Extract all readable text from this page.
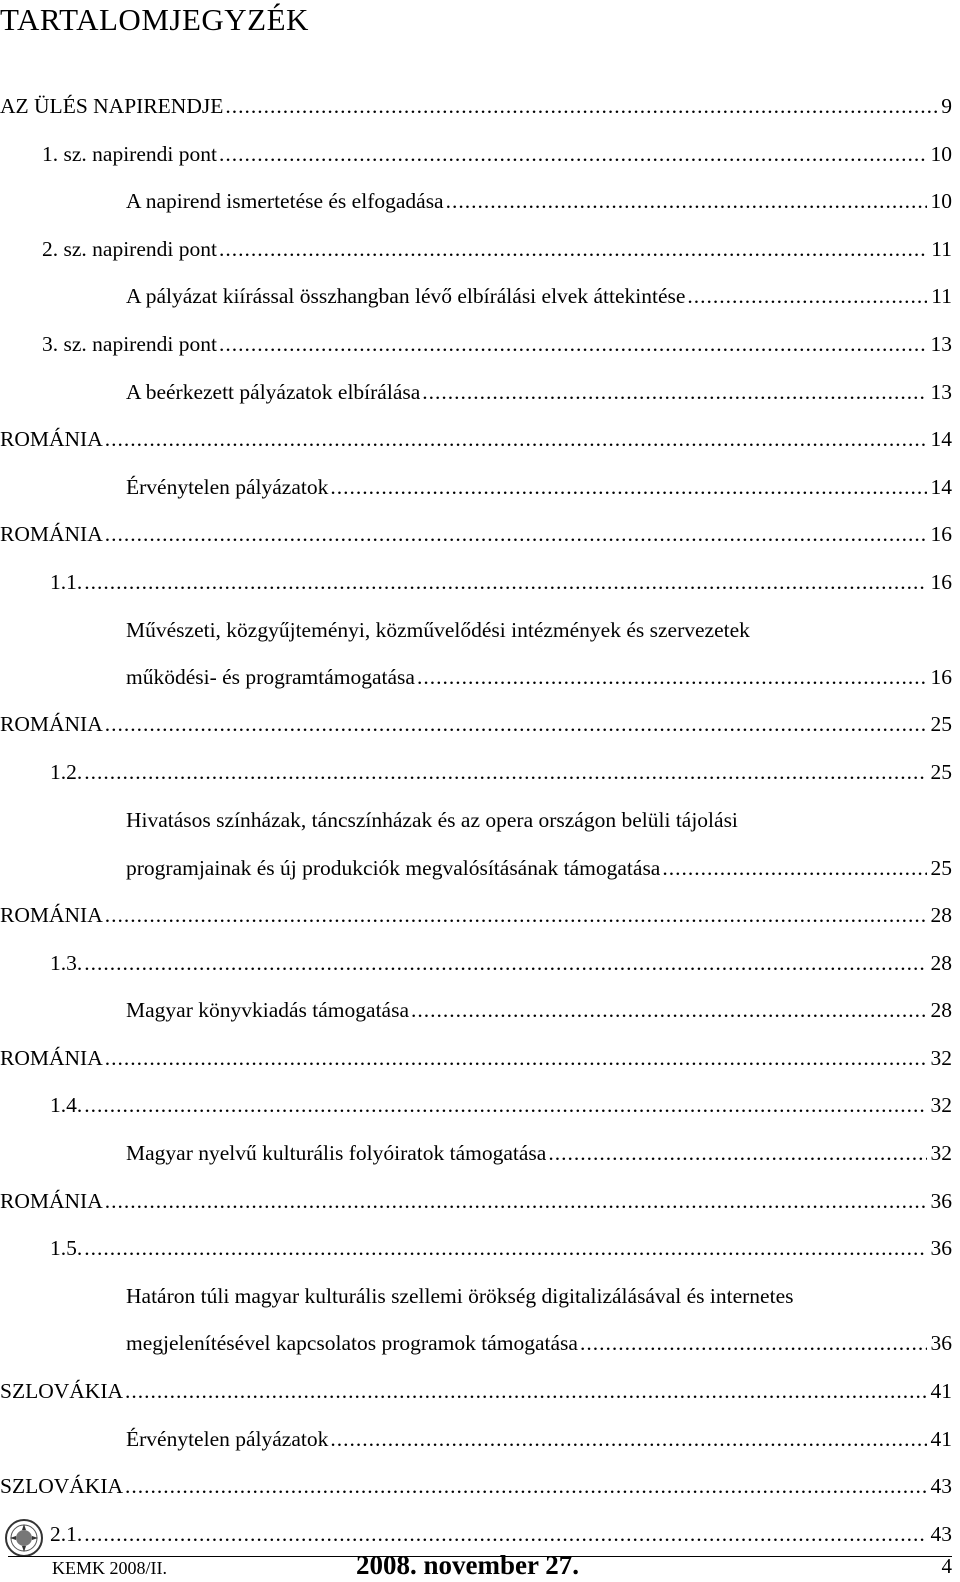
TARTALOMJEGYZÉK
AZ ÜLÉS NAPIRENDJE .....	9
1. sz. napirendi pont .....	10
A napirend ismertetése és elfogadása .....	10
2. sz. napirendi pont .....	11
A pályázat kiírással összhangban lévő elbírálási elvek áttekintése .....	11
3. sz. napirendi pont .....	13
A beérkezett pályázatok elbírálása .....	13
ROMÁNIA .....	14
Érvénytelen pályázatok .....	14
ROMÁNIA .....	16
1.1. .....	16
Művészeti, közgyűjteményi, közművelődési intézmények és szervezetek
működési- és programtámogatása .....	16
ROMÁNIA .....	25
1.2. .....	25
Hivatásos színházak, táncszínházak és az opera országon belüli tájolási
programjainak és új produkciók megvalósításának támogatása .....	25
ROMÁNIA .....	28
1.3. .....	28
Magyar könyvkiadás támogatása .....	28
ROMÁNIA .....	32
1.4. .....	32
Magyar nyelvű kulturális folyóiratok támogatása .....	32
ROMÁNIA .....	36
1.5. .....	36
Határon túli magyar kulturális szellemi örökség digitalizálásával és internetes
megjelenítésével kapcsolatos programok támogatása .....	36
SZLOVÁKIA .....	41
Érvénytelen pályázatok .....	41
SZLOVÁKIA .....	43
2.1. .....	43
KEMK 2008/II.	2008. november 27.	4
